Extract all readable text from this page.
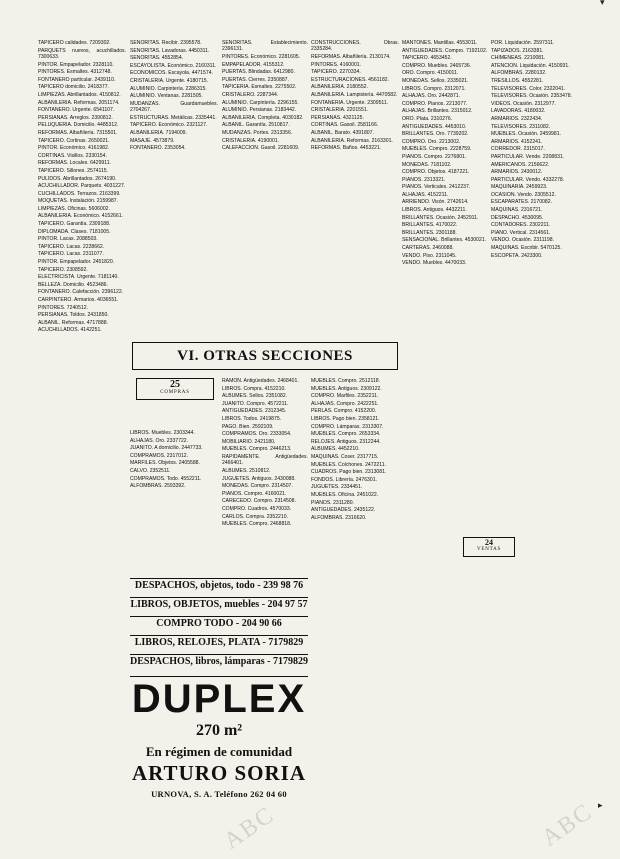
TAPICERO calidades. 7209302.
PARQUETS nuevos, acuchillados. 7300633.
PINTOR. Empapelador. 2328110.
PINTORES. Esmaltes. 4312748.
FONTANERO particular. 2439110.
TAPICERO domicilio. 2418377.
LIMPIEZAS. Abrillantados. 4150812.
ALBAÑILERIA. Reformas. 2051174.
FONTANERO. Urgente. 6541107.
PERSIANAS. Arreglos. 2390812.
PELUQUERIA. Domicilio. 4485312.
REFORMAS. Albañilería. 7315501.
TAPICERO. Cortinas. 2650021.
PINTOR. Económico. 4161982.
CORTINAS. Visillos. 2330154.
REFORMAS. Locales. 6429911.
TAPICERO. Sillones. 2574115.
PULIDOS. Abrillantados. 2674190.
ACUCHILLADOR. Parquets. 4031227.
CUCHILLADOS. Terrazos. 2163399.
MOQUETAS. Instalación. 2159987.
LIMPIEZAS. Oficinas. 5606002.
ALBAÑILERIA. Económico. 4152661.
TAPICERO. Garantía. 2309188.
DIPLOMADA. Clases. 7181005.
PINTOR. Lacas. 2088503.
TAPICERO. Lacas. 2228662.
TAPICERO. Lacas. 2311077.
PINTOR. Empapelador. 2451820.
TAPICERO. 2308592.
ELECTRICISTA. Urgente. 7181140.
BELLEZA. Domicilio. 4523486.
FONTANERO. Calefacción. 2396122.
CARPINTERO. Armarios. 4036551.
PINTORES. 7240512.
PERSIANAS. Toldos. 2431850.
ALBAÑIL. Reformas. 4717888.
ACUCHILLADOS. 4142251.
SEÑORITAS. Recibir. 2395578.
SEÑORITAS. Lavadoras. 4450311.
SEÑORITAS. 4552854.
ESCAYOLISTA. Económico. 2160311.
ECONOMICOS. Escayola. 4471574.
CRISTALERIA. Urgente. 4180715.
ALUMINIO. Carpintería. 2286315.
ALUMINIO. Ventanas. 2281505.
MUDANZAS. Guardamuebles. 2704267.
ESTRUCTURAS. Metálicas. 2335441.
TAPICERO. Económico. 2321127.
ALBAÑILERIA. 7194009.
MASAJE. 4573879.
FONTANERO. 2353054.
SEÑORITAS. Establecimiento. 2396131.
PINTORES. Económico. 2281605.
EMPAPELADOR. 4155312.
PUERTAS. Blindadas. 6412980.
PUERTAS. Cierres. 2350887.
TAPICERIA. Esmaltes. 2275502.
CRISTALERO. 2287344.
ALUMINIO. Carpintería. 2296155.
ALUMINIO. Persianas. 2183442.
ALBAÑILERIA. Completa. 4030182.
ALBAÑIL. Garantía. 2510817.
MUDANZAS. Portes. 2313356.
CRISTALERIA. 4190001.
CALEFACCION. Gasoil. 2281609.
CONSTRUCCIONES. Obras. 2335284.
REFORMAS. Albañilería. 2130174.
PINTORES. 4160001.
TAPICERO. 2270334.
ESTRUCTURACIONES. 4561182.
ALBAÑILERIA. 2180552.
ALBAÑILERIA. Lampistería. 4470582.
FONTANERIA. Urgente. 2309511.
CRISTALERIA. 2201551.
PERSIANAS. 4321125.
CORTINAS. Gasoil. 2581166.
ALBAÑIL. Barato. 4391807.
ALBAÑILERIA. Reformas. 2163301.
REFORMAS. Baños. 4453221.
MANTONES. Mantillas. 4553011.
ANTIGÜEDADES. Compro. 7192102.
TAPICERO. 4653452.
COMPRO. Muebles. 2465736.
ORO. Compro. 4150011.
MONEDAS. Sellos. 2335021.
LIBROS. Compro. 2312071.
ALHAJAS. Oro. 2442871.
COMPRO. Pianos. 2213077.
ALHAJAS. Brillantes. 2315012.
ORO. Plata. 2310276.
ANTIGÜEDADES. 4453010.
BRILLANTES. Oro. 7739202.
COMPRO. Oro. 2213002.
MUEBLES. Compro. 2228759.
PIANOS. Compro. 2276801.
MONEDAS. 7181102.
COMPRO. Objetos. 4187221.
PIANOS. 2313321.
PIANOS. Verticales. 2412237.
ALHAJAS. 4152211.
ARRIENDO. Visón. 2742614.
LIBROS. Antiguos. 4432211.
BRILLANTES. Ocasión. 2452911.
BRILLANTES. 4170022.
BRILLANTES. 2301188.
SENSACIONAL. Brillantes. 4530021.
CARTERAS. 2460088.
VENDO. Piso. 2311045.
VENDO. Muebles. 4470033.
POR. Liquidación. 2597311.
TAPIZADOS. 2163381.
CHIMENEAS. 2210081.
ATENCION. Liquidación. 4150931.
ALFOMBRAS. 2280132.
TRESILLOS. 4552281.
TELEVISORES. Color. 2322041.
TELEVISORES. Ocasión. 2353478.
VIDEOS. Ocasión. 2312977.
LAVADORAS. 4180032.
ARMARIOS. 2322434.
TELEVISORES. 2311082.
MUEBLES. Ocasión. 2459981.
ARMARIOS. 4152241.
CORREDOR. 2315017.
PARTICULAR. Vende. 2208831.
AMERICANOS. 2156622.
ARMARIOS. 2430012.
PARTICULAR. Vendo. 4332278.
MAQUINARIA. 2459923.
OCASION. Vendo. 2305512.
ESCAPARATES. 2170082.
MAQUINAS. 2316721.
DESPACHO. 4530095.
CONTADORES. 2302211.
PIANO. Vertical. 2314561.
VENDO. Ocasión. 2311198.
MAQUINAS. Escribir. 5470125.
ESCOPETA. 2423300.
VI. OTRAS SECCIONES
25
COMPRAS
LIBROS. Muebles. 2303344.
ALHAJAS. Oro. 2337722.
JUANITO. A domicilio. 2447733.
COMPRAMOS. 2317012.
MARFILES. Objetos. 2405588.
CALVO. 2352511.
COMPRAMOS. Todo. 4552211.
ALFOMBRAS. 2593392.
RAMON. Antigüedades. 2468401.
LIBROS. Compra. 4152210.
ALBUMES. Sellos. 2351082.
JUANITO. Compro. 4572211.
ANTIGÜEDADES. 2312345.
LIBROS. Todos. 2419875.
PAGO. Bien. 2592109.
COMPRAMOS. Oro. 2333054.
MOBILIARIO. 2421180.
MUEBLES. Compro. 2446213.
RAPIDAMENTE. Antigüedades. 2466401.
ALBUMES. 2510812.
JUGUETES. Antiguos. 2430088.
MONEDAS. Compro. 2314507.
PIANOS. Compro. 4160021.
CARECEDO. Compro. 2314508.
COMPRO. Cuadros. 4570033.
CARLOS. Compra. 2352210.
MUEBLES. Compro. 2468818.
MUEBLES. Compro. 2512118.
MUEBLES. Antiguos. 2309122.
COMPRO. Marfiles. 2352211.
ALHAJAS. Compro. 2422251.
PERLAS. Compro. 4152200.
LIBROS. Pago bien. 2358121.
COMPRO. Lámparas. 2313307.
MUEBLES. Compro. 2653334.
RELOJES. Antiguos. 2312244.
ALBUMES. 4452210.
MAQUINAS. Coser. 2317715.
MUEBLES. Colchones. 2472211.
CUADROS. Pago bien. 2313081.
FONDOS. Librería. 2476301.
JUGUETES. 2334451.
MUEBLES. Oficina. 2451022.
PIANOS. 2311280.
ANTIGÜEDADES. 2435122.
ALFOMBRAS. 2316620.
24
VENTAS
DESPACHOS, objetos, todo - 239 98 76
LIBROS, OBJETOS, muebles - 204 97 57
COMPRO TODO - 204 90 66
LIBROS, RELOJES, PLATA - 7179829
DESPACHOS, libros, lámparas - 7179829
DUPLEX
270 m²
En régimen de comunidad
ARTURO SORIA
URNOVA, S. A. Teléfono 262 04 60
ABC	ABC
▾
▸
